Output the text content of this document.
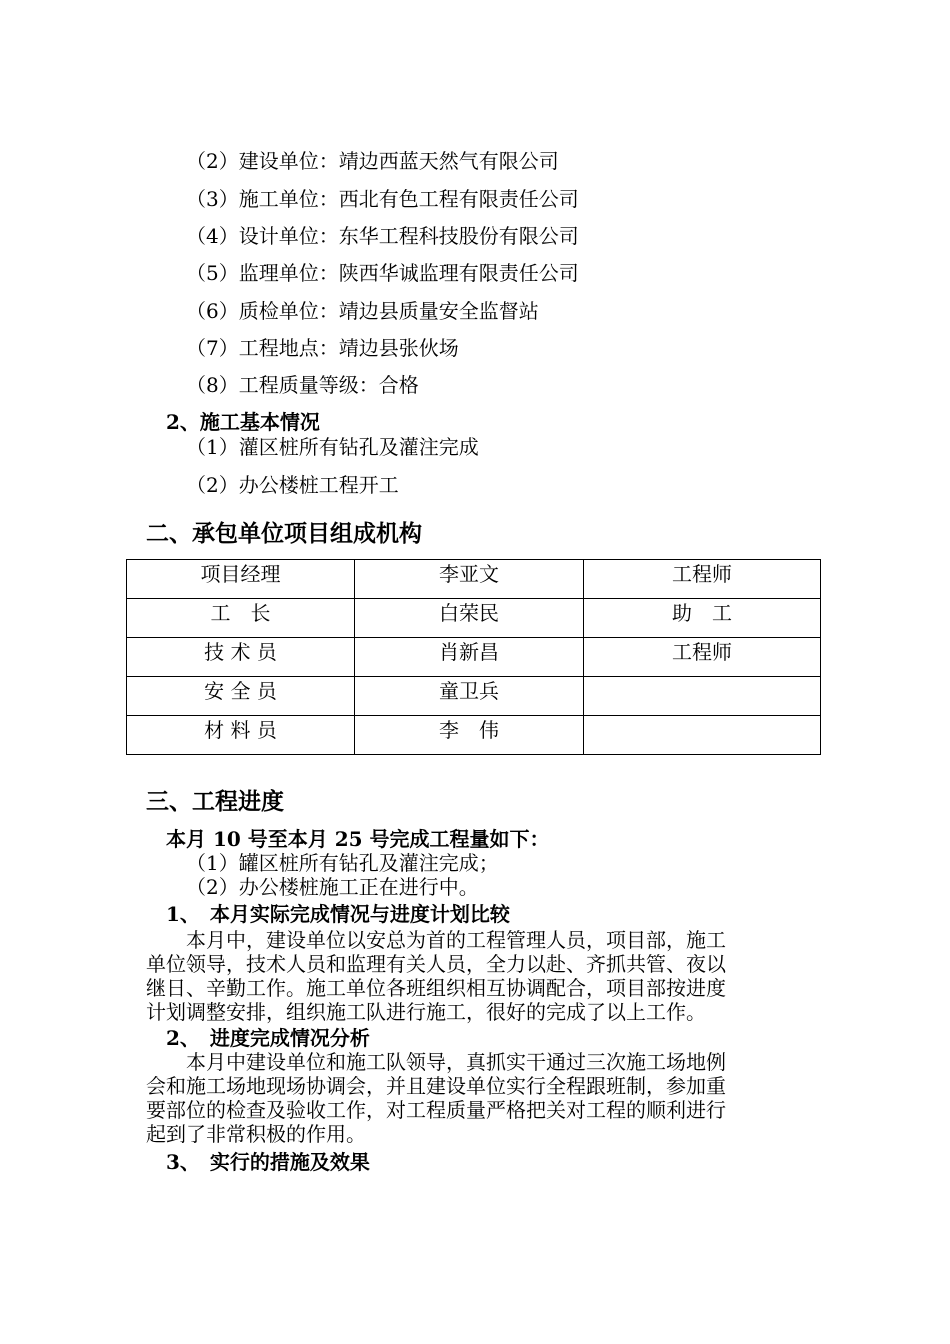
（2）建设单位：靖边西蓝天然气有限公司
（3）施工单位：西北有色工程有限责任公司
（4）设计单位：东华工程科技股份有限公司
（5）监理单位：陕西华诚监理有限责任公司
（6）质检单位：靖边县质量安全监督站
（7）工程地点：靖边县张伙场
（8）工程质量等级：合格
2、施工基本情况
（1）灌区桩所有钻孔及灌注完成
（2）办公楼桩工程开工
二、承包单位项目组成机构
项目经理	李亚文	工程师
工　长	白荣民	助　工
技 术 员	肖新昌	工程师
安 全 员	童卫兵	
材 料 员	李　伟	
三、工程进度
本月 10 号至本月 25 号完成工程量如下：
（1）罐区桩所有钻孔及灌注完成；
（2）办公楼桩施工正在进行中。
1、　本月实际完成情况与进度计划比较
　　本月中，建设单位以安总为首的工程管理人员，项目部，施工
单位领导，技术人员和监理有关人员，全力以赴、齐抓共管、夜以
继日、辛勤工作。施工单位各班组织相互协调配合，项目部按进度
计划调整安排，组织施工队进行施工，很好的完成了以上工作。
2、　进度完成情况分析
　　本月中建设单位和施工队领导，真抓实干通过三次施工场地例
会和施工场地现场协调会，并且建设单位实行全程跟班制，参加重
要部位的检查及验收工作，对工程质量严格把关对工程的顺利进行
起到了非常积极的作用。
3、　实行的措施及效果
